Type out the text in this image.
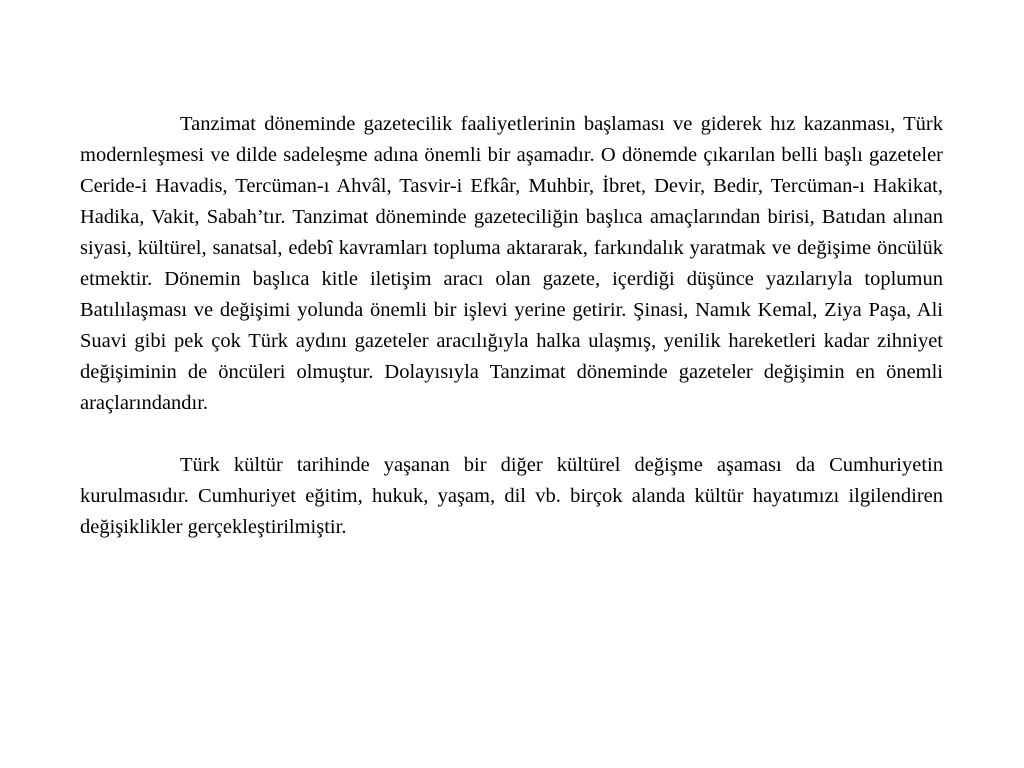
Tanzimat döneminde gazetecilik faaliyetlerinin başlaması ve giderek hız kazanması, Türk modernleşmesi ve dilde sadeleşme adına önemli bir aşamadır. O dönemde çıkarılan belli başlı gazeteler Ceride-i Havadis, Tercüman-ı Ahvâl, Tasvir-i Efkâr, Muhbir, İbret, Devir, Bedir, Tercüman-ı Hakikat, Hadika, Vakit, Sabah’tır. Tanzimat döneminde gazeteciliğin başlıca amaçlarından birisi, Batıdan alınan siyasi, kültürel, sanatsal, edebî kavramları topluma aktararak, farkındalık yaratmak ve değişime öncülük etmektir. Dönemin başlıca kitle iletişim aracı olan gazete, içerdiği düşünce yazılarıyla toplumun Batılılaşması ve değişimi yolunda önemli bir işlevi yerine getirir. Şinasi, Namık Kemal, Ziya Paşa, Ali Suavi gibi pek çok Türk aydını gazeteler aracılığıyla halka ulaşmış, yenilik hareketleri kadar zihniyet değişiminin de öncüleri olmuştur. Dolayısıyla Tanzimat döneminde gazeteler değişimin en önemli araçlarındandır.

Türk kültür tarihinde yaşanan bir diğer kültürel değişme aşaması da Cumhuriyetin kurulmasıdır. Cumhuriyet eğitim, hukuk, yaşam, dil vb. birçok alanda kültür hayatımızı ilgilendiren değişiklikler gerçekleştirilmiştir.
